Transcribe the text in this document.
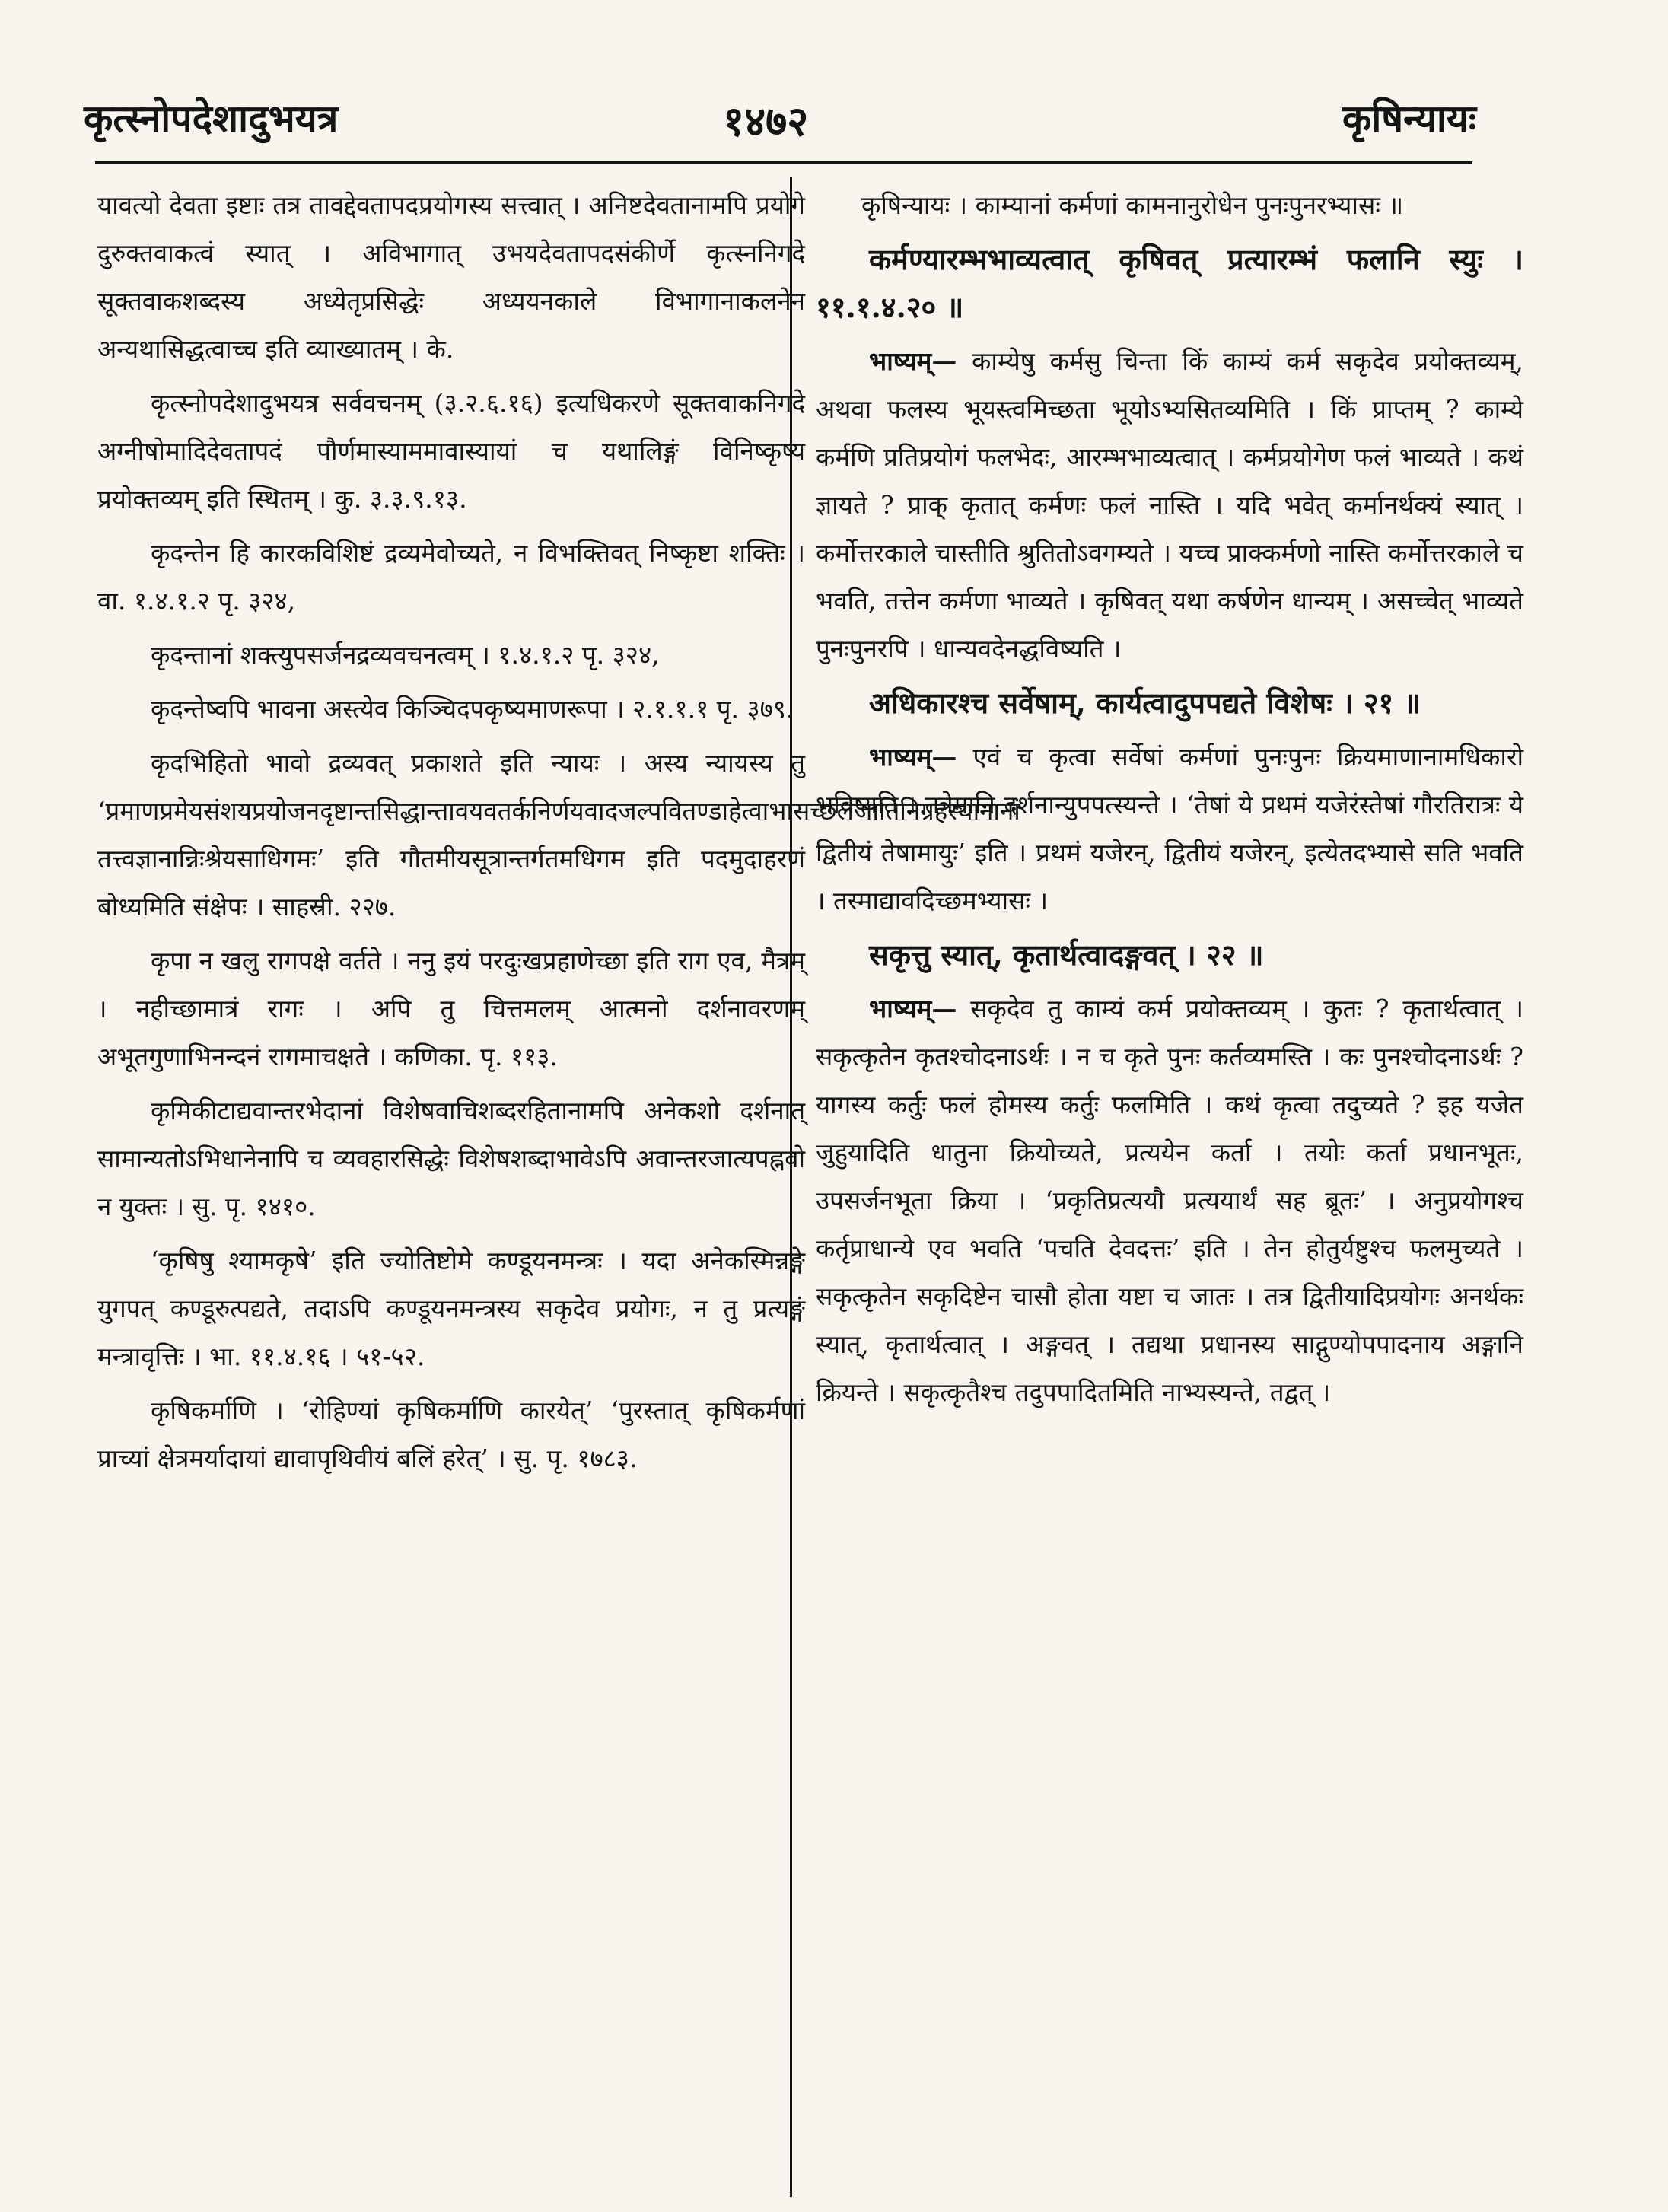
कृत्स्नोपदेशादुभयत्र	१४७२	कृषिन्यायः

यावत्यो देवता इष्टाः तत्र तावद्देवतापदप्रयोगस्य सत्त्वात् । अनिष्टदेवतानामपि प्रयोगे दुरुक्तवाकत्वं स्यात् । अविभागात् उभयदेवतापदसंकीर्णे कृत्स्ननिगदे सूक्तवाकशब्दस्य अध्येतृप्रसिद्धेः अध्ययनकाले विभागानाकलनेन अन्यथासिद्धत्वाच्च इति व्याख्यातम् । के.

कृत्स्नोपदेशादुभयत्र सर्ववचनम् (३.२.६.१६) इत्यधिकरणे सूक्तवाकनिगदे अग्नीषोमादिदेवतापदं पौर्णमास्याममावास्यायां च यथालिङ्गं विनिष्कृष्य प्रयोक्तव्यम् इति स्थितम् । कु. ३.३.९.१३.

कृदन्तेन हि कारकविशिष्टं द्रव्यमेवोच्यते, न विभक्तिवत् निष्कृष्टा शक्तिः । वा. १.४.१.२ पृ. ३२४,

कृदन्तानां शक्त्युपसर्जनद्रव्यवचनत्वम् । १.४.१.२ पृ. ३२४,

कृदन्तेष्वपि भावना अस्त्येव किञ्चिदपकृष्यमाणरूपा । २.१.१.१ पृ. ३७९.

कृदभिहितो भावो द्रव्यवत् प्रकाशते इति न्यायः । अस्य न्यायस्य तु ‘प्रमाणप्रमेयसंशयप्रयोजनदृष्टान्तसिद्धान्तावयवतर्कनिर्णयवादजल्पवितण्डाहेत्वाभासच्छलजातिनिग्रहस्थानानां तत्त्वज्ञानान्निःश्रेयसाधिगमः’ इति गौतमीयसूत्रान्तर्गतमधिगम इति पदमुदाहरणं बोध्यमिति संक्षेपः । साहस्री. २२७.

कृपा न खलु रागपक्षे वर्तते । ननु इयं परदुःखप्रहाणेच्छा इति राग एव, मैत्रम् । नहीच्छामात्रं रागः । अपि तु चित्तमलम् आत्मनो दर्शनावरणम् अभूतगुणाभिनन्दनं रागमाचक्षते । कणिका. पृ. ११३.

कृमिकीटाद्यवान्तरभेदानां विशेषवाचिशब्दरहितानामपि अनेकशो दर्शनात् सामान्यतोऽभिधानेनापि च व्यवहारसिद्धेः विशेषशब्दाभावेऽपि अवान्तरजात्यपह्नवो न युक्तः । सु. पृ. १४१०.

‘कृषिषु श्यामकृषे’ इति ज्योतिष्टोमे कण्डूयनमन्त्रः । यदा अनेकस्मिन्नङ्गे युगपत् कण्डूरुत्पद्यते, तदाऽपि कण्डूयनमन्त्रस्य सकृदेव प्रयोगः, न तु प्रत्यङ्गं मन्त्रावृत्तिः । भा. ११.४.१६ । ५१-५२.

कृषिकर्माणि । ‘रोहिण्यां कृषिकर्माणि कारयेत्’ ‘पुरस्तात् कृषिकर्मणां प्राच्यां क्षेत्रमर्यादायां द्यावापृथिवीयं बलिं हरेत्’ । सु. पृ. १७८३.

कृषिन्यायः । काम्यानां कर्मणां कामनानुरोधेन पुनःपुनरभ्यासः ॥

कर्मण्यारम्भभाव्यत्वात् कृषिवत् प्रत्यारम्भं फलानि स्युः । ११.१.४.२० ॥

भाष्यम्— काम्येषु कर्मसु चिन्ता किं काम्यं कर्म सकृदेव प्रयोक्तव्यम्, अथवा फलस्य भूयस्त्वमिच्छता भूयोऽभ्यसितव्यमिति । किं प्राप्तम् ? काम्ये कर्मणि प्रतिप्रयोगं फलभेदः, आरम्भभाव्यत्वात् । कर्मप्रयोगेण फलं भाव्यते । कथं ज्ञायते ? प्राक् कृतात् कर्मणः फलं नास्ति । यदि भवेत् कर्मानर्थक्यं स्यात् । कर्मोत्तरकाले चास्तीति श्रुतितोऽवगम्यते । यच्च प्राक्कर्मणो नास्ति कर्मोत्तरकाले च भवति, तत्तेन कर्मणा भाव्यते । कृषिवत् यथा कर्षणेन धान्यम् । असच्चेत् भाव्यते पुनःपुनरपि । धान्यवदेनद्धविष्यति ।

अधिकारश्च सर्वेषाम्, कार्यत्वादुपपद्यते विशेषः । २१ ॥

भाष्यम्— एवं च कृत्वा सर्वेषां कर्मणां पुनःपुनः क्रियमाणानामधिकारो भविष्यति । तत्रेमानि दर्शनान्युपपत्स्यन्ते । ‘तेषां ये प्रथमं यजेरंस्तेषां गौरतिरात्रः ये द्वितीयं तेषामायुः’ इति । प्रथमं यजेरन्, द्वितीयं यजेरन्, इत्येतदभ्यासे सति भवति । तस्माद्यावदिच्छमभ्यासः ।

सकृत्तु स्यात्, कृतार्थत्वादङ्गवत् । २२ ॥

भाष्यम्— सकृदेव तु काम्यं कर्म प्रयोक्तव्यम् । कुतः ? कृतार्थत्वात् । सकृत्कृतेन कृतश्चोदनाऽर्थः । न च कृते पुनः कर्तव्यमस्ति । कः पुनश्चोदनाऽर्थः ? यागस्य कर्तुः फलं होमस्य कर्तुः फलमिति । कथं कृत्वा तदुच्यते ? इह यजेत जुहुयादिति धातुना क्रियोच्यते, प्रत्ययेन कर्ता । तयोः कर्ता प्रधानभूतः, उपसर्जनभूता क्रिया । ‘प्रकृतिप्रत्ययौ प्रत्ययार्थं सह ब्रूतः’ । अनुप्रयोगश्च कर्तृप्राधान्ये एव भवति ‘पचति देवदत्तः’ इति । तेन होतुर्यष्टुश्च फलमुच्यते । सकृत्कृतेन सकृदिष्टेन चासौ होता यष्टा च जातः । तत्र द्वितीयादिप्रयोगः अनर्थकः स्यात्, कृतार्थत्वात् । अङ्गवत् । तद्यथा प्रधानस्य साद्गुण्योपपादनाय अङ्गानि क्रियन्ते । सकृत्कृतैश्च तदुपपादितमिति नाभ्यस्यन्ते, तद्वत् ।
